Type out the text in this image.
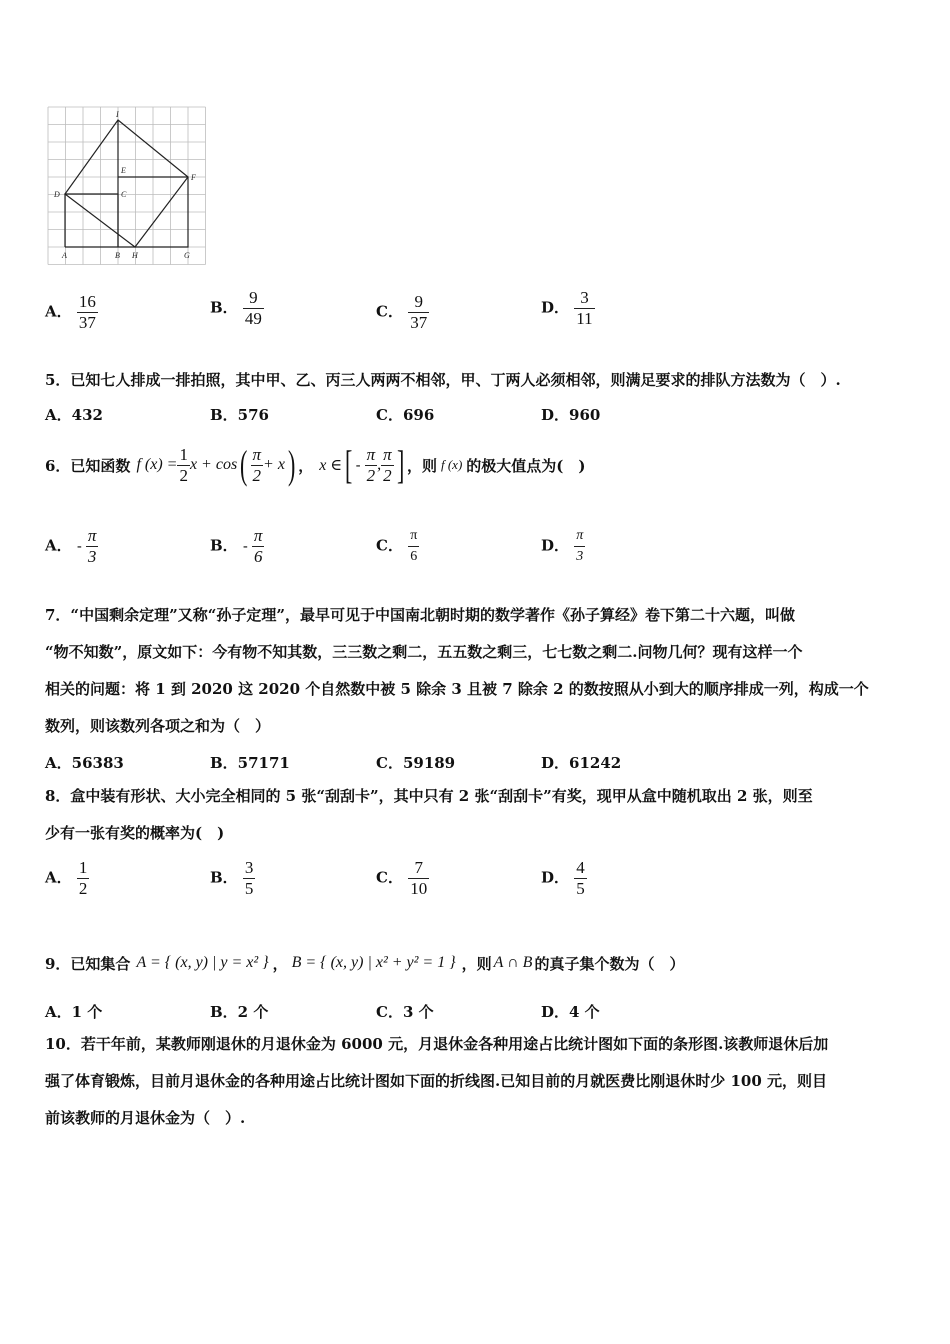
I
E
F
D	C
A	B H	G
A． $\frac{16}{37}$	B． $\frac{9}{49}$	C． $\frac{9}{37}$	D． $\frac{3}{11}$
5．已知七人排成一排拍照，其中甲、乙、丙三人两两不相邻，甲、丁两人必须相邻，则满足要求的排队方法数为（　）.
A．432	B．576	C．696	D．960
6．已知函数 f $(x) = \frac{1}{2}$ x + cos ( $\frac{\pi}{2} + x$ ) ， x ∈ [ - $\frac{\pi}{2}$ , $\frac{\pi}{2}$ ] ，则 f (x) 的极大值点为(　)
A． - $\frac{\pi}{3}$	B． - $\frac{\pi}{6}$	C． $\frac{\pi}{6}$	D． $\frac{\pi}{3}$
7．“中国剩余定理”又称“孙子定理”，最早可见于中国南北朝时期的数学著作《孙子算经》卷下第二十六题，叫做
“物不知数”，原文如下：今有物不知其数，三三数之剩二，五五数之剩三，七七数之剩二.问物几何？现有这样一个
相关的问题：将 1 到 2020 这 2020 个自然数中被 5 除余 3 且被 7 除余 2 的数按照从小到大的顺序排成一列，构成一个
数列，则该数列各项之和为（　）
A．56383	B．57171	C．59189	D．61242
8．盒中装有形状、大小完全相同的 5 张“刮刮卡”，其中只有 2 张“刮刮卡”有奖，现甲从盒中随机取出 2 张，则至
少有一张有奖的概率为(　)
A． $\frac{1}{2}$	B． $\frac{3}{5}$	C． $\frac{7}{10}$	D． $\frac{4}{5}$
9．已知集合 A = { (x, y) | y = x² } ， B = { (x, y) | x² + y² = 1 } ，则 A ∩ B 的真子集个数为（　）
A．1 个	B．2 个	C．3 个	D．4 个
10．若干年前，某教师刚退休的月退休金为 6000 元，月退休金各种用途占比统计图如下面的条形图.该教师退休后加
强了体育锻炼，目前月退休金的各种用途占比统计图如下面的折线图.已知目前的月就医费比刚退休时少 100 元，则目
前该教师的月退休金为（　）.
